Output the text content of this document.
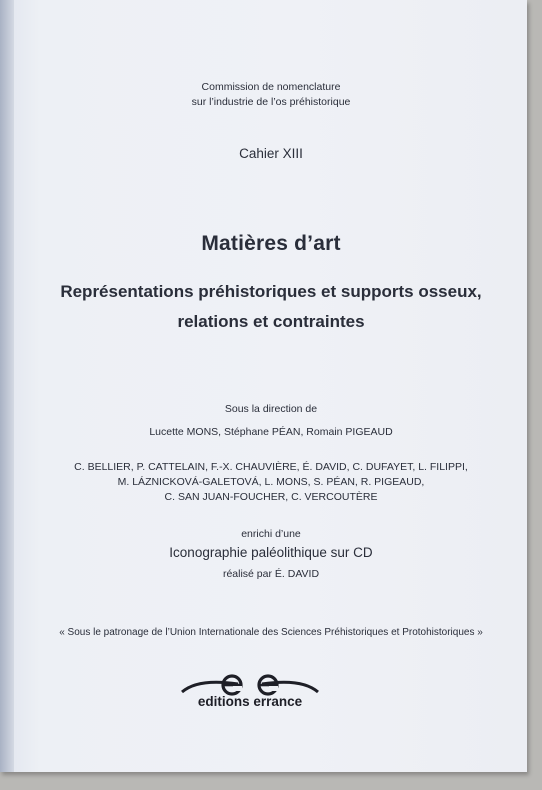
Commission de nomenclature
sur l’industrie de l’os préhistorique
Cahier XIII
Matières d’art
Représentations préhistoriques et supports osseux,
relations et contraintes
Sous la direction de
Lucette MONS, Stéphane PÉAN, Romain PIGEAUD
C. BELLIER, P. CATTELAIN, F.-X. CHAUVIÈRE, É. DAVID, C. DUFAYET, L. FILIPPI,
M. LÁZNICKOVÁ-GALETOVÁ, L. MONS, S. PÉAN, R. PIGEAUD,
C. SAN JUAN-FOUCHER, C. VERCOUTÈRE
enrichi d’une
Iconographie paléolithique sur CD
réalisé par É. DAVID
« Sous le patronage de l’Union Internationale des Sciences Préhistoriques et Protohistoriques »
editions errance
